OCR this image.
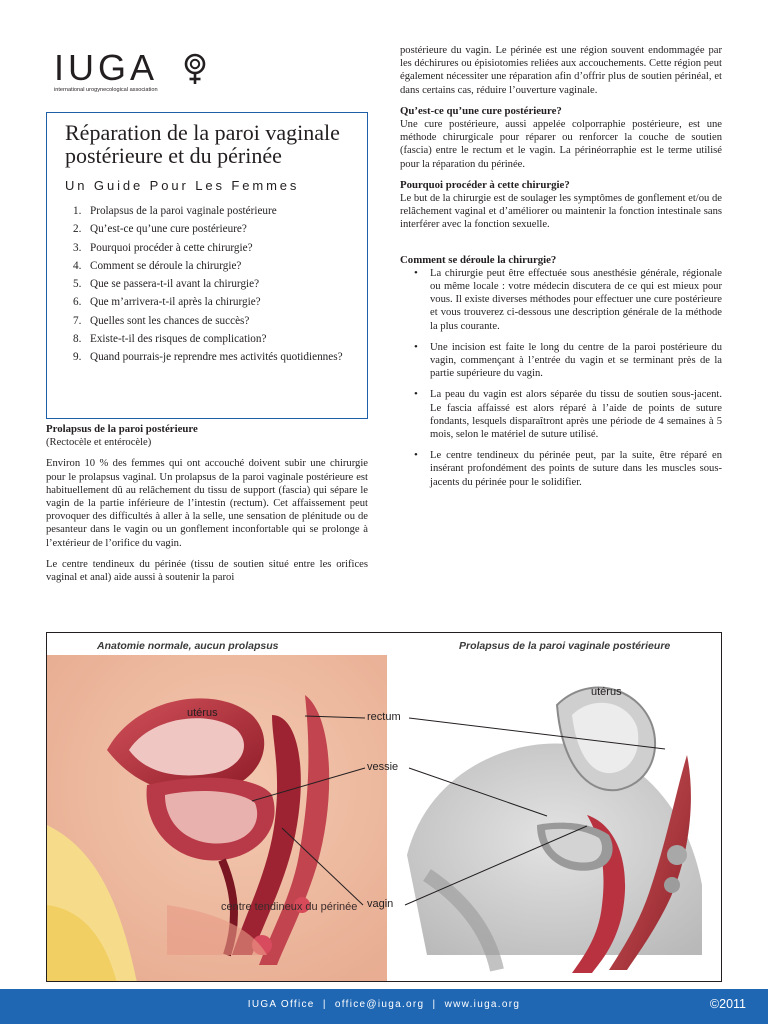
IUGA
international urogynecological association
Réparation de la paroi vaginale postérieure et du périnée
Un Guide Pour Les Femmes
1. Prolapsus de la paroi vaginale postérieure
2. Qu’est-ce qu’une cure postérieure?
3. Pourquoi procéder à cette chirurgie?
4. Comment se déroule la chirurgie?
5. Que se passera-t-il avant la chirurgie?
6. Que m’arrivera-t-il après la chirurgie?
7. Quelles sont les chances de succès?
8. Existe-t-il des risques de complication?
9. Quand pourrais-je reprendre mes activités quotidiennes?
Prolapsus de la paroi postérieure
(Rectocèle et entérocèle)
Environ 10 % des femmes qui ont accouché doivent subir une chirurgie pour le prolapsus vaginal. Un prolapsus de la paroi vaginale postérieure est habituellement dû au relâchement du tissu de support (fascia) qui sépare le vagin de la partie inférieure de l’intestin (rectum). Cet affaissement peut provoquer des difficultés à aller à la selle, une sensation de plénitude ou de pesanteur dans le vagin ou un gonflement inconfortable qui se prolonge à l’extérieur de l’orifice du vagin.
Le centre tendineux du périnée (tissu de soutien situé entre les orifices vaginal et anal) aide aussi à soutenir la paroi
postérieure du vagin. Le périnée est une région souvent endommagée par les déchirures ou épisiotomies reliées aux accouchements. Cette région peut également nécessiter une réparation afin d’offrir plus de soutien périnéal, et dans certains cas, réduire l’ouverture vaginale.
Qu’est-ce qu’une cure postérieure?
Une cure postérieure, aussi appelée colporraphie postérieure, est une méthode chirurgicale pour réparer ou renforcer la couche de soutien (fascia) entre le rectum et le vagin. La périnéorraphie est le terme utilisé pour la réparation du périnée.
Pourquoi procéder à cette chirurgie?
Le but de la chirurgie est de soulager les symptômes de gonflement et/ou de relâchement vaginal et d’améliorer ou maintenir la fonction intestinale sans interférer avec la fonction sexuelle.
Comment se déroule la chirurgie?
• La chirurgie peut être effectuée sous anesthésie générale, régionale ou même locale : votre médecin discutera de ce qui est mieux pour vous. Il existe diverses méthodes pour effectuer une cure postérieure et vous trouverez ci-dessous une description générale de la méthode la plus courante.
• Une incision est faite le long du centre de la paroi postérieure du vagin, commençant à l’entrée du vagin et se terminant près de la partie supérieure du vagin.
• La peau du vagin est alors séparée du tissu de soutien sous-jacent. Le fascia affaissé est alors réparé à l’aide de points de suture fondants, lesquels disparaîtront après une période de 4 semaines à 5 mois, selon le matériel de suture utilisé.
• Le centre tendineux du périnée peut, par la suite, être réparé en insérant profondément des points de suture dans les muscles sous-jacents du périnée pour le solidifier.
Anatomie normale, aucun prolapsus	Prolapsus de la paroi vaginale postérieure
utérus
utérus
rectum
vessie
centre tendineux du périnée vagin
IUGA Office  |  office@iuga.org  |  www.iuga.org	©2011
